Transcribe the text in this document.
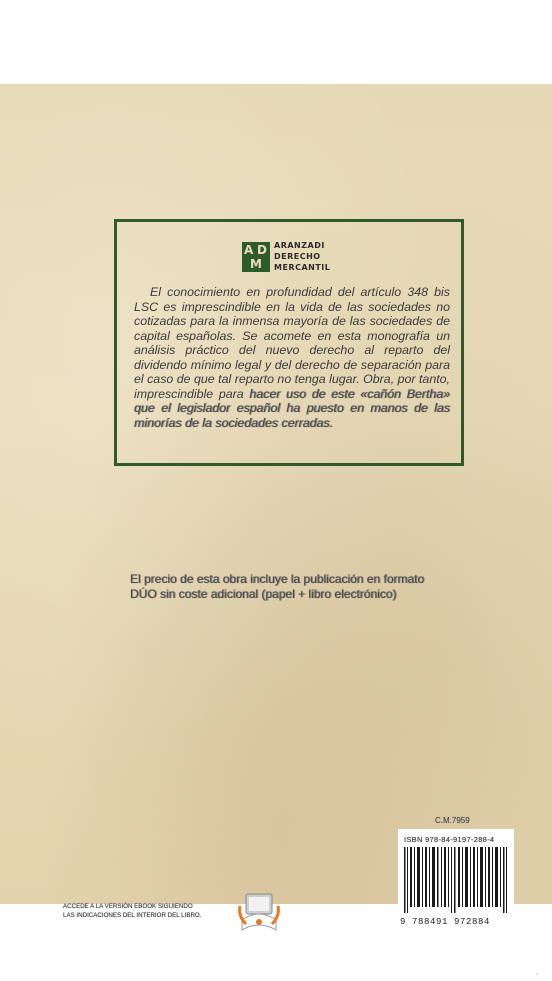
A D
M
ARANZADI
DERECHO
MERCANTIL

El conocimiento en profundidad del artículo 348 bis LSC es imprescindible en la vida de las sociedades no cotizadas para la inmensa mayoría de las sociedades de capital españolas. Se acomete en esta monografía un análisis práctico del nuevo derecho al reparto del dividendo mínimo legal y del derecho de separación para el caso de que tal reparto no tenga lugar. Obra, por tanto, imprescindible para hacer uso de este «cañón Bertha» que el legislador español ha puesto en manos de las minorías de la sociedades cerradas.

El precio de esta obra incluye la publicación en formato DÚO sin coste adicional (papel + libro electrónico)

C.M.7959
ISBN 978-84-9197-288-4
9 788491 972884

ACCEDE A LA VERSIÓN EBOOK SIGUIENDO
LAS INDICACIONES DEL INTERIOR DEL LIBRO.

▫
